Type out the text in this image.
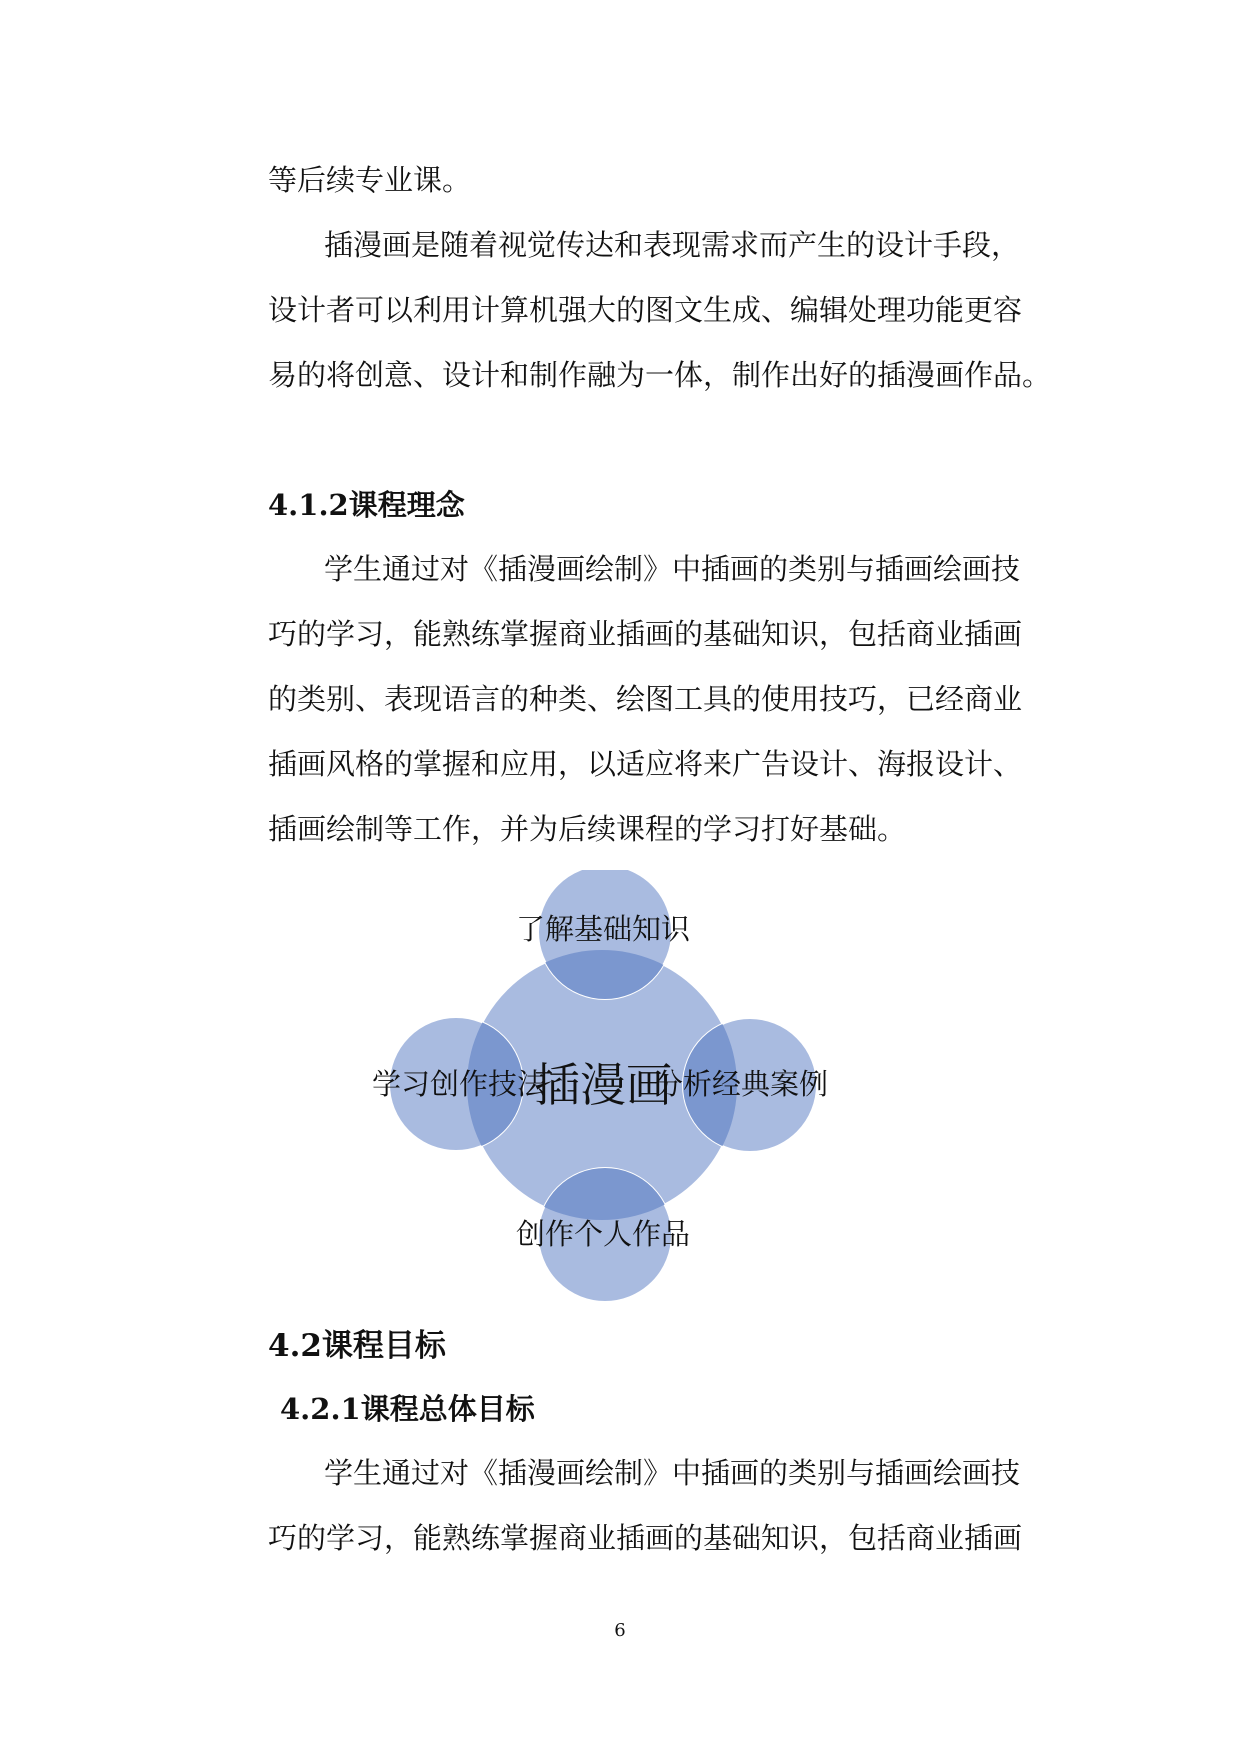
等后续专业课。

插漫画是随着视觉传达和表现需求而产生的设计手段，
设计者可以利用计算机强大的图文生成、编辑处理功能更容
易的将创意、设计和制作融为一体，制作出好的插漫画作品。

4.1.2课程理念

学生通过对《插漫画绘制》中插画的类别与插画绘画技
巧的学习，能熟练掌握商业插画的基础知识，包括商业插画
的类别、表现语言的种类、绘图工具的使用技巧，已经商业
插画风格的掌握和应用，以适应将来广告设计、海报设计、
插画绘制等工作，并为后续课程的学习打好基础。

插漫画
了解基础知识
学习创作技法	分析经典案例
创作个人作品
4.2课程目标
4.2.1课程总体目标

学生通过对《插漫画绘制》中插画的类别与插画绘画技
巧的学习，能熟练掌握商业插画的基础知识，包括商业插画

6
